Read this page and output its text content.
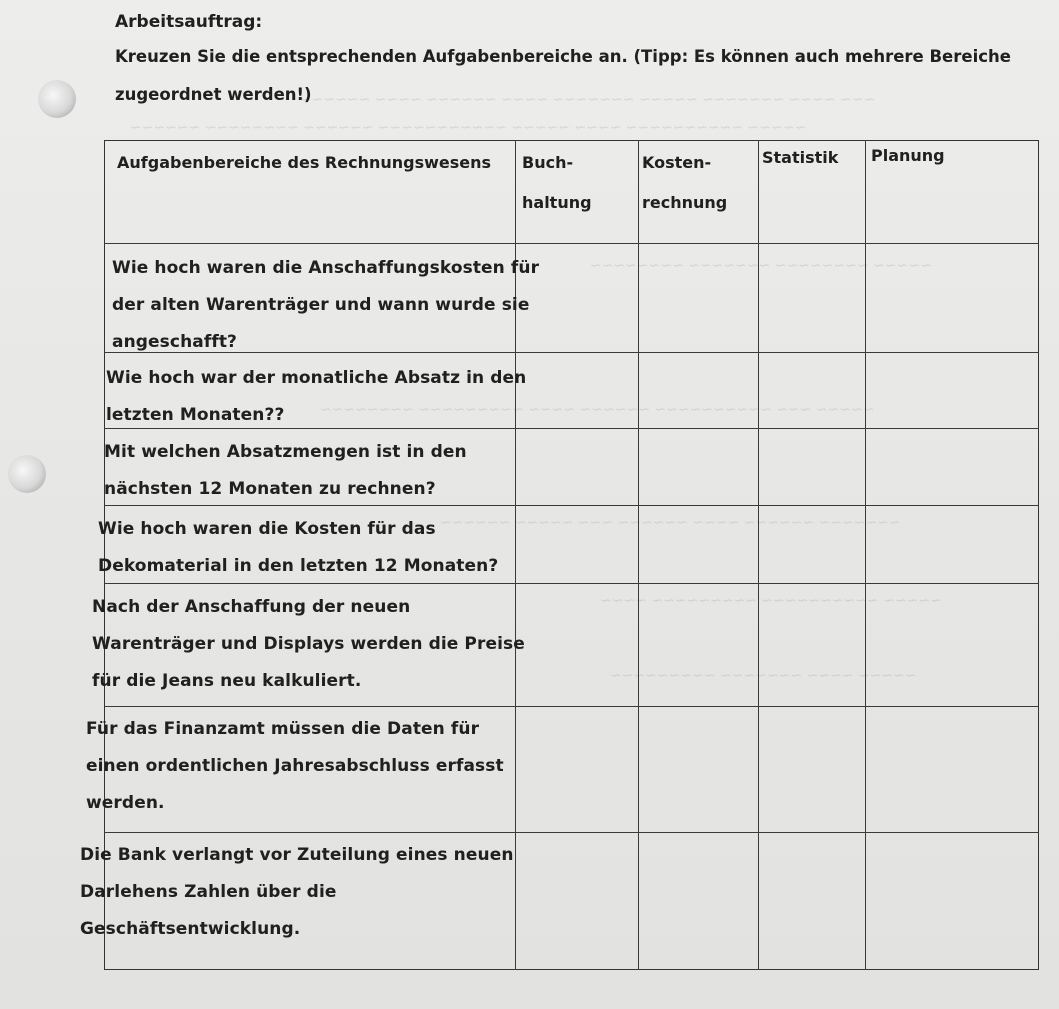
~~~ ~~~~ ~~~~~~~ ~~~~~ ~~~~~~~ ~~~~ ~~~~~~ ~~~~ ~~~~~~
~~~~~ ~~~~~~~~~~ ~~~~ ~~~~~ ~~~~~~~~~~~ ~~~~~~ ~~~~~~~~ ~~~~~~
~~~~~ ~~~~~~~~ ~~~~~~~ ~~~~~~~~
~~~~~ ~~~ ~~~~~~~~~~ ~~~~~~ ~~~~ ~~~~~~~~~ ~~~~~~~~
~~~~~~~ ~~~~~~ ~~~~ ~~~~~~ ~~~ ~~~~~ ~~~~~~
~~~~~ ~~~~~~~~~~ ~~~~~~~~~ ~~~~
~~~~~ ~~~~ ~~~~~~~ ~~~~~~~~~
Arbeitsauftrag:
Kreuzen Sie die entsprechenden Aufgabenbereiche an. (Tipp: Es können auch mehrere Bereiche
zugeordnet werden!)
Aufgabenbereiche des Rechnungswesens Buch-
haltung
Kosten-
rechnung
Statistik Planung
Wie hoch waren die Anschaffungskosten für
der alten Warenträger und wann wurde sie
angeschafft?
Wie hoch war der monatliche Absatz in den
letzten Monaten??
Mit welchen Absatzmengen ist in den
nächsten 12 Monaten zu rechnen?
Wie hoch waren die Kosten für das
Dekomaterial in den letzten 12 Monaten?
Nach der Anschaffung der neuen
Warenträger und Displays werden die Preise
für die Jeans neu kalkuliert.
Für das Finanzamt müssen die Daten für
einen ordentlichen Jahresabschluss erfasst
werden.
Die Bank verlangt vor Zuteilung eines neuen
Darlehens Zahlen über die
Geschäftsentwicklung.
